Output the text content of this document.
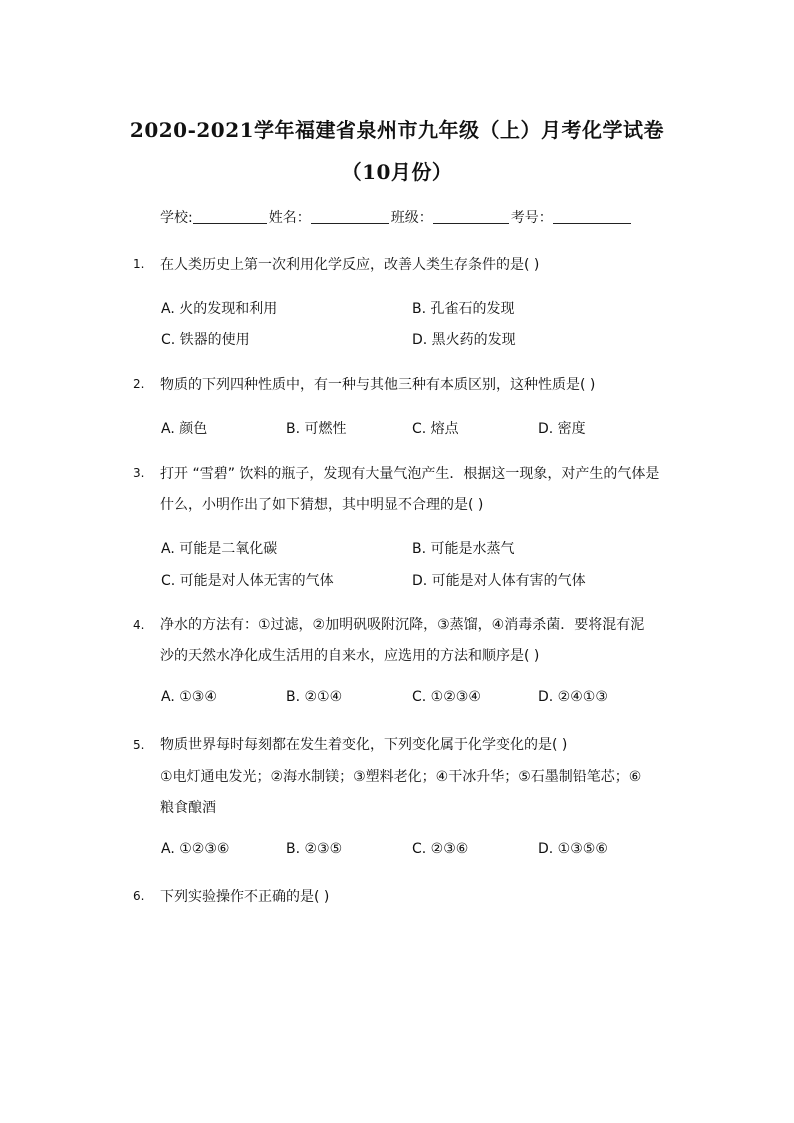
2020-2021学年福建省泉州市九年级（上）月考化学试卷
（10月份）
学校:	姓名：	班级：	考号：
1. 在人类历史上第一次利用化学反应，改善人类生存条件的是( )
A. 火的发现和利用	B. 孔雀石的发现
C. 铁器的使用	D. 黑火药的发现
2. 物质的下列四种性质中，有一种与其他三种有本质区别，这种性质是( )
A. 颜色	B. 可燃性	C. 熔点	D. 密度
3. 打开 “雪碧” 饮料的瓶子，发现有大量气泡产生．根据这一现象，对产生的气体是
什么，小明作出了如下猜想，其中明显不合理的是( )
A. 可能是二氧化碳	B. 可能是水蒸气
C. 可能是对人体无害的气体	D. 可能是对人体有害的气体
4. 净水的方法有：①过滤，②加明矾吸附沉降，③蒸馏，④消毒杀菌．要将混有泥
沙的天然水净化成生活用的自来水，应选用的方法和顺序是( )
A. ①③④	B. ②①④	C. ①②③④	D. ②④①③
5. 物质世界每时每刻都在发生着变化，下列变化属于化学变化的是( )
①电灯通电发光；②海水制镁；③塑料老化；④干冰升华；⑤石墨制铅笔芯；⑥
粮食酿酒
A. ①②③⑥	B. ②③⑤	C. ②③⑥	D. ①③⑤⑥
6. 下列实验操作不正确的是( )
